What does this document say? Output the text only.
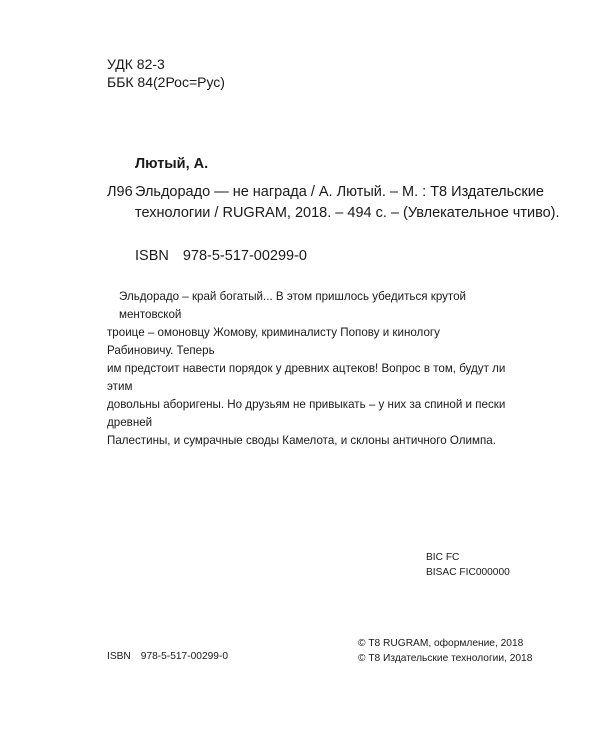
УДК 82-3
ББК 84(2Рос=Рус)
Лютый, А.
Л96 Эльдорадо — не награда / А. Лютый. – М. : Т8 Издательские
технологии / RUGRAM, 2018. – 494 с. – (Увлекательное чтиво).
ISBN 978-5-517-00299-0
Эльдорадо – край богатый... В этом пришлось убедиться крутой ментовской
троице – омоновцу Жомову, криминалисту Попову и кинологу Рабиновичу. Теперь
им предстоит навести порядок у древних ацтеков! Вопрос в том, будут ли этим
довольны аборигены. Но друзьям не привыкать – у них за спиной и пески древней
Палестины, и сумрачные своды Камелота, и склоны античного Олимпа.
BIC FC
BISAC FIC000000
ISBN 978-5-517-00299-0
© Т8 RUGRAM, оформление, 2018
© Т8 Издательские технологии, 2018
